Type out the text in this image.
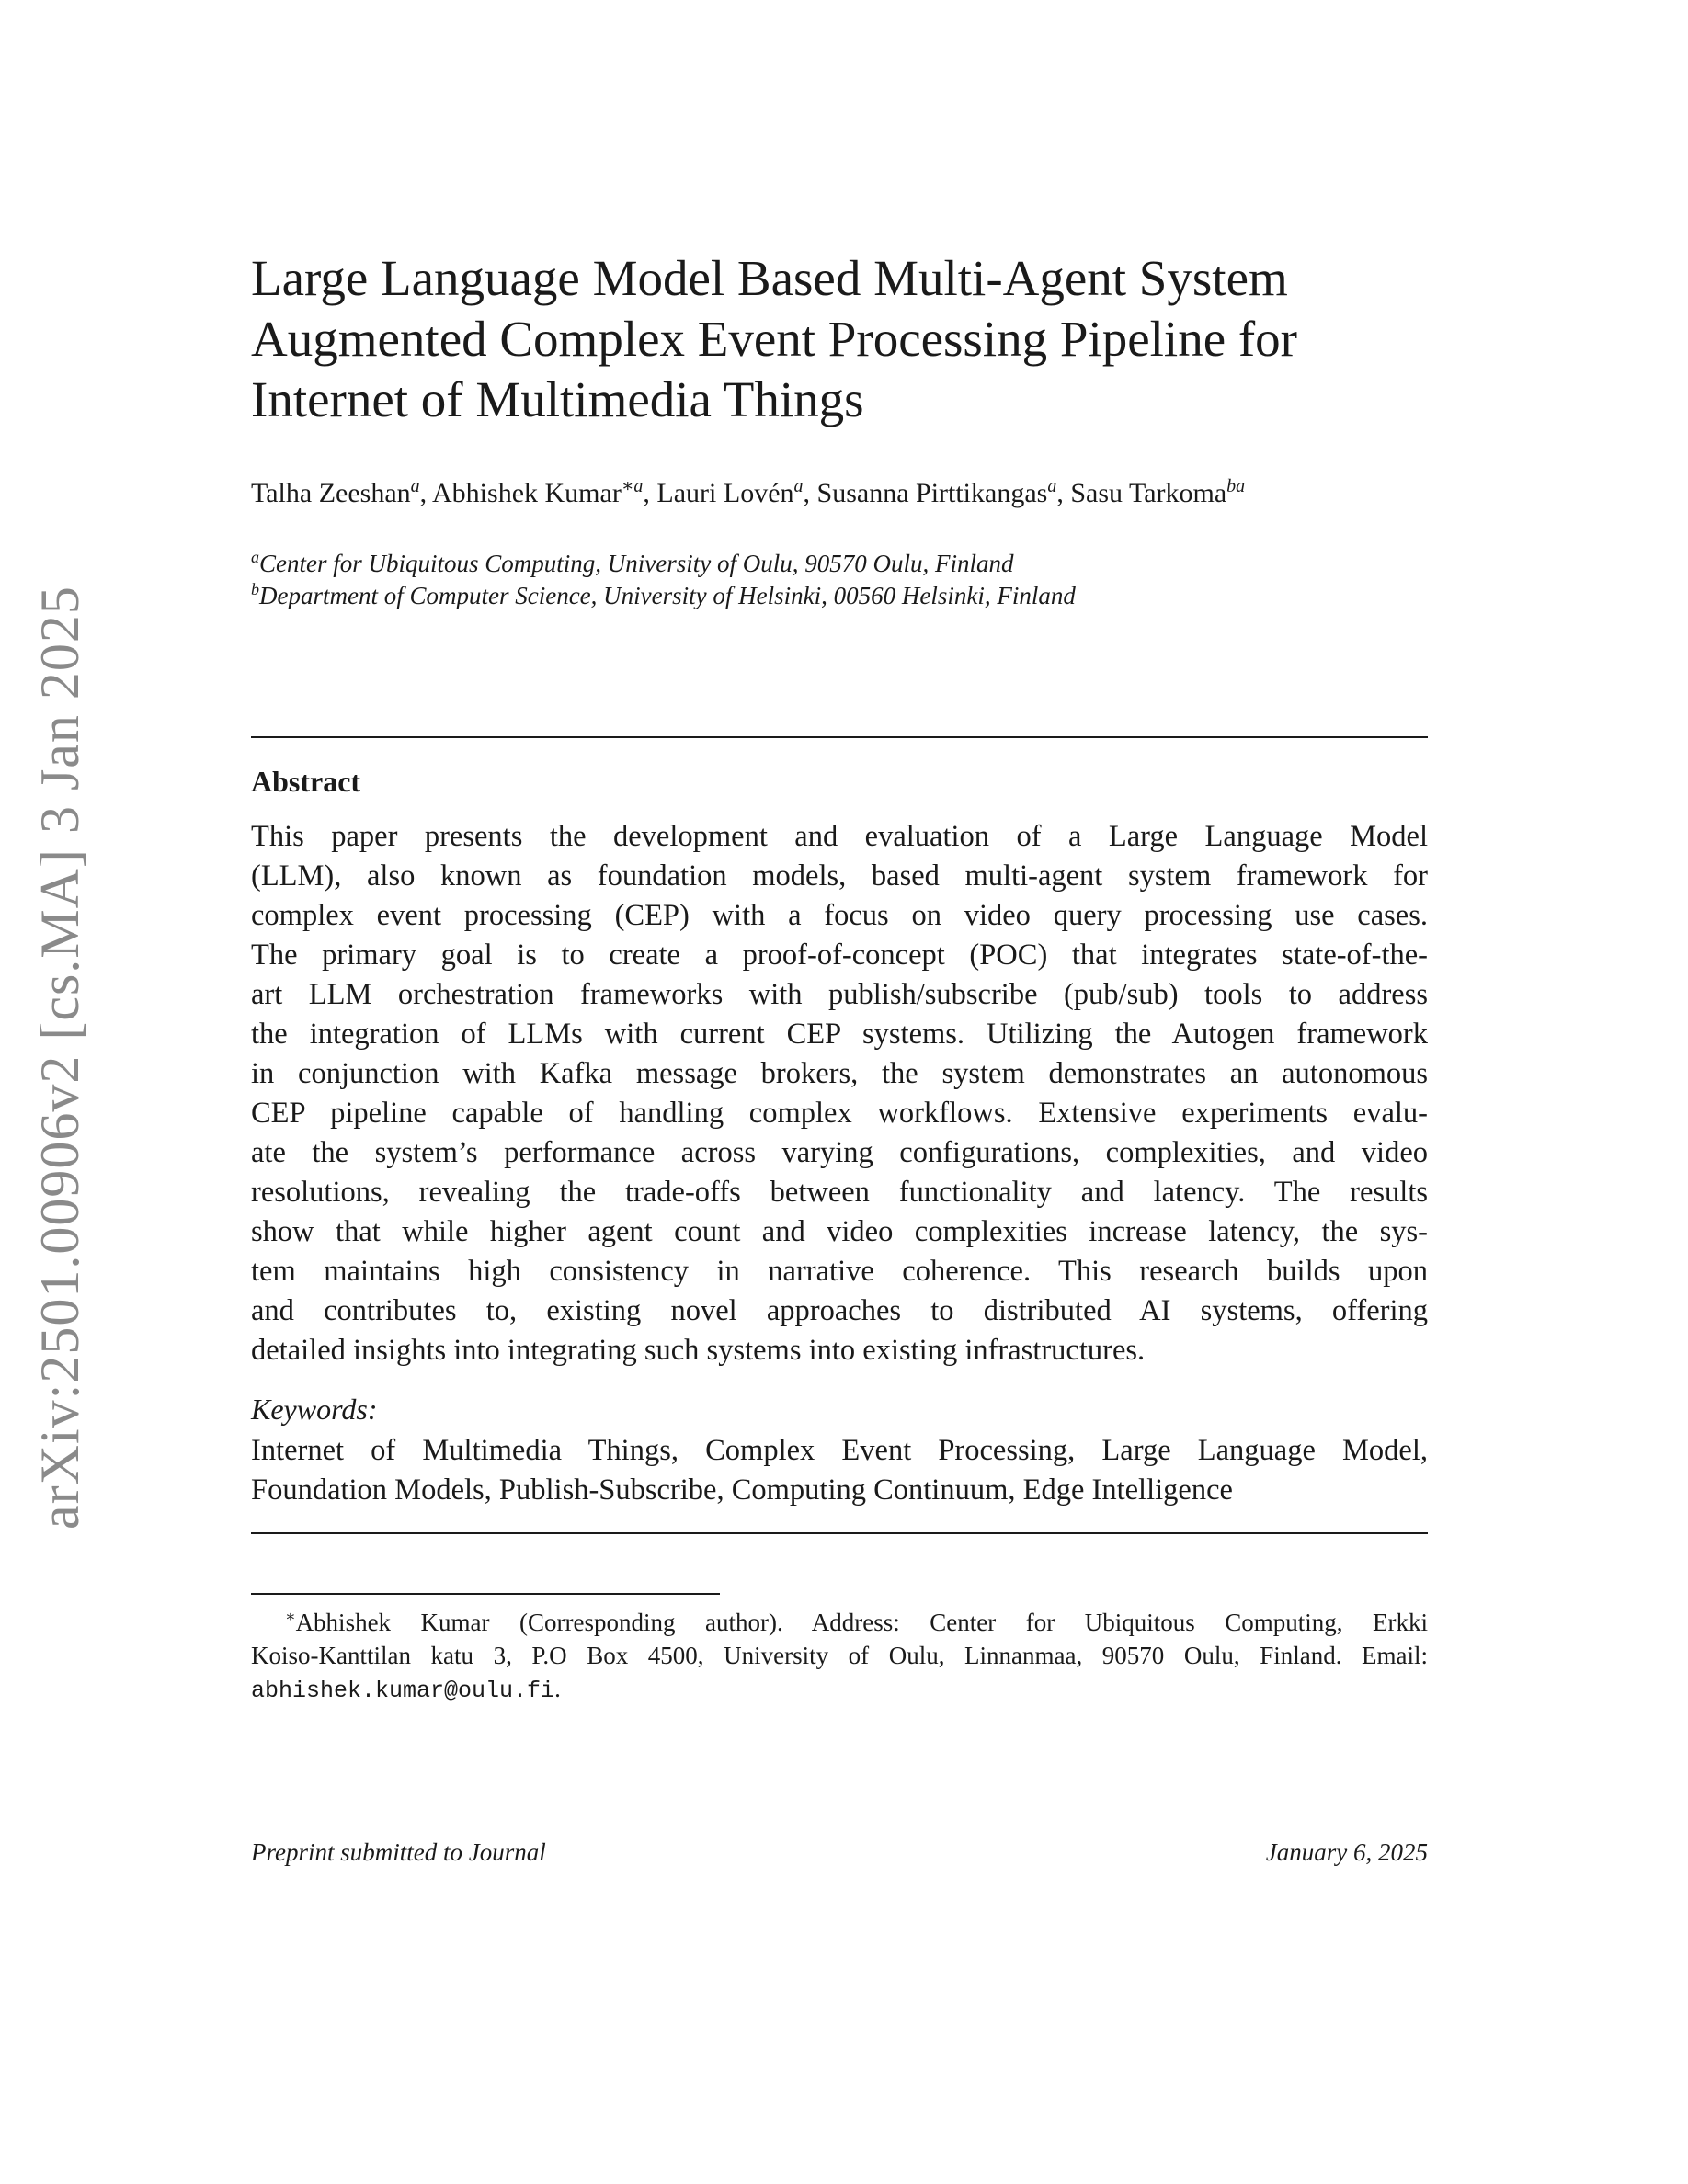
arXiv:2501.00906v2 [cs.MA] 3 Jan 2025
Large Language Model Based Multi-Agent System
Augmented Complex Event Processing Pipeline for
Internet of Multimedia Things
Talha Zeeshan$^a$, Abhishek Kumar$^{∗a}$, Lauri Lovén$^a$, Susanna Pirttikangas$^a$, Sasu Tarkoma$^{ba}$
$^a$Center for Ubiquitous Computing, University of Oulu, 90570 Oulu, Finland
$^b$Department of Computer Science, University of Helsinki, 00560 Helsinki, Finland
Abstract
This paper presents the development and evaluation of a Large Language Model
(LLM), also known as foundation models, based multi-agent system framework for
complex event processing (CEP) with a focus on video query processing use cases.
The primary goal is to create a proof-of-concept (POC) that integrates state-of-the-
art LLM orchestration frameworks with publish/subscribe (pub/sub) tools to address
the integration of LLMs with current CEP systems. Utilizing the Autogen framework
in conjunction with Kafka message brokers, the system demonstrates an autonomous
CEP pipeline capable of handling complex workflows. Extensive experiments evalu-
ate the system’s performance across varying configurations, complexities, and video
resolutions, revealing the trade-offs between functionality and latency. The results
show that while higher agent count and video complexities increase latency, the sys-
tem maintains high consistency in narrative coherence. This research builds upon
and contributes to, existing novel approaches to distributed AI systems, offering
detailed insights into integrating such systems into existing infrastructures.
Keywords:
Internet of Multimedia Things, Complex Event Processing, Large Language Model,
Foundation Models, Publish-Subscribe, Computing Continuum, Edge Intelligence
∗Abhishek Kumar (Corresponding author). Address: Center for Ubiquitous Computing, Erkki
Koiso-Kanttilan katu 3, P.O Box 4500, University of Oulu, Linnanmaa, 90570 Oulu, Finland. Email:
abhishek.kumar@oulu.fi.
Preprint submitted to Journal	January 6, 2025
